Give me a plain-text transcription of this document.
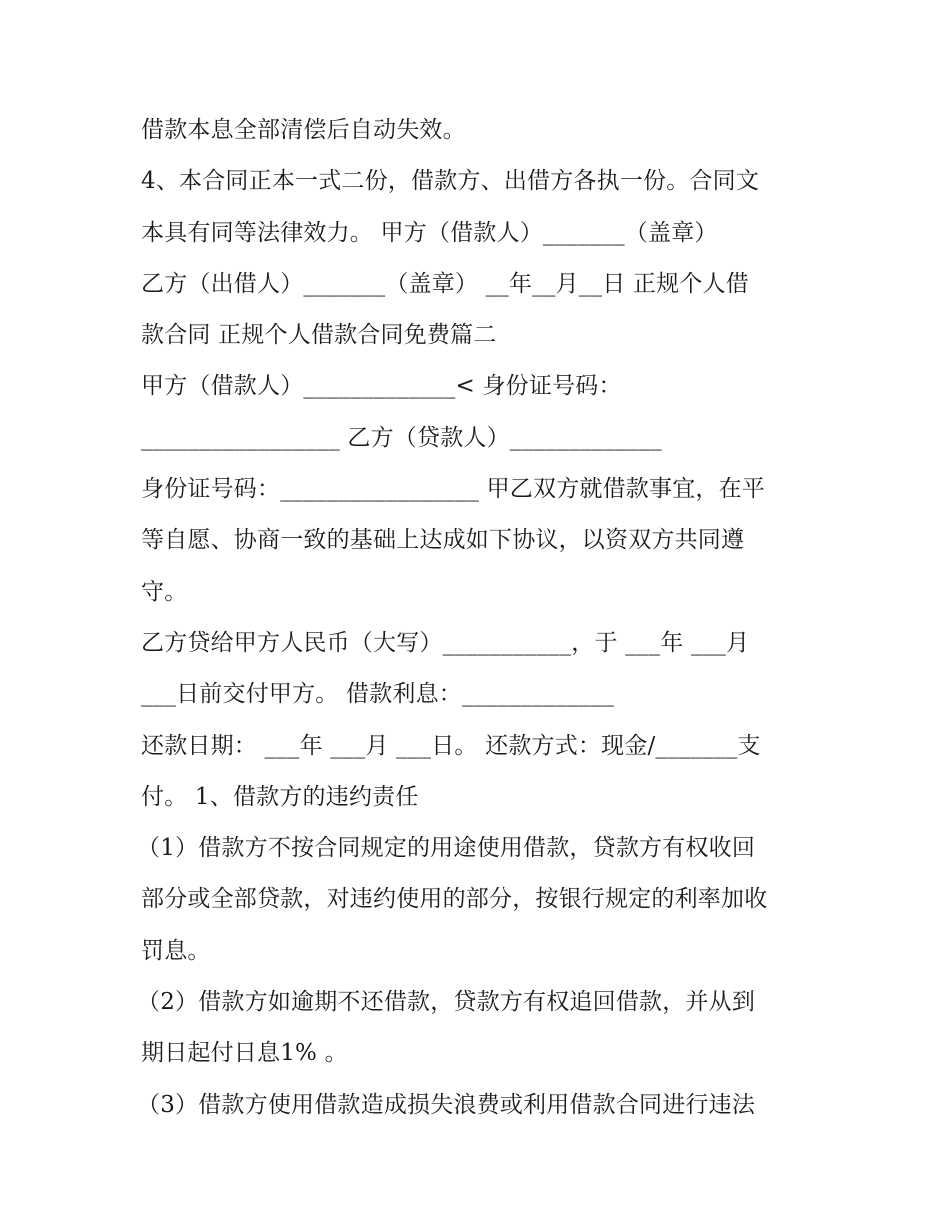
借款本息全部清偿后自动失效。
4、本合同正本一式二份，借款方、出借方各执一份。合同文
本具有同等法律效力。 甲方（借款人）_______（盖章）
乙方（出借人）_______（盖章） __年__月__日 正规个人借
款合同 正规个人借款合同免费篇二
甲方（借款人）_____________< 身份证号码：
_________________ 乙方（贷款人）_____________
身份证号码：_________________ 甲乙双方就借款事宜，在平
等自愿、协商一致的基础上达成如下协议，以资双方共同遵
守。
乙方贷给甲方人民币（大写）___________，于 ___年 ___月
___日前交付甲方。 借款利息：_____________
还款日期： ___年 ___月 ___日。 还款方式：现金/_______支
付。 1、借款方的违约责任
（1）借款方不按合同规定的用途使用借款，贷款方有权收回
部分或全部贷款，对违约使用的部分，按银行规定的利率加收
罚息。
（2）借款方如逾期不还借款，贷款方有权追回借款，并从到
期日起付日息1% 。
（3）借款方使用借款造成损失浪费或利用借款合同进行违法
